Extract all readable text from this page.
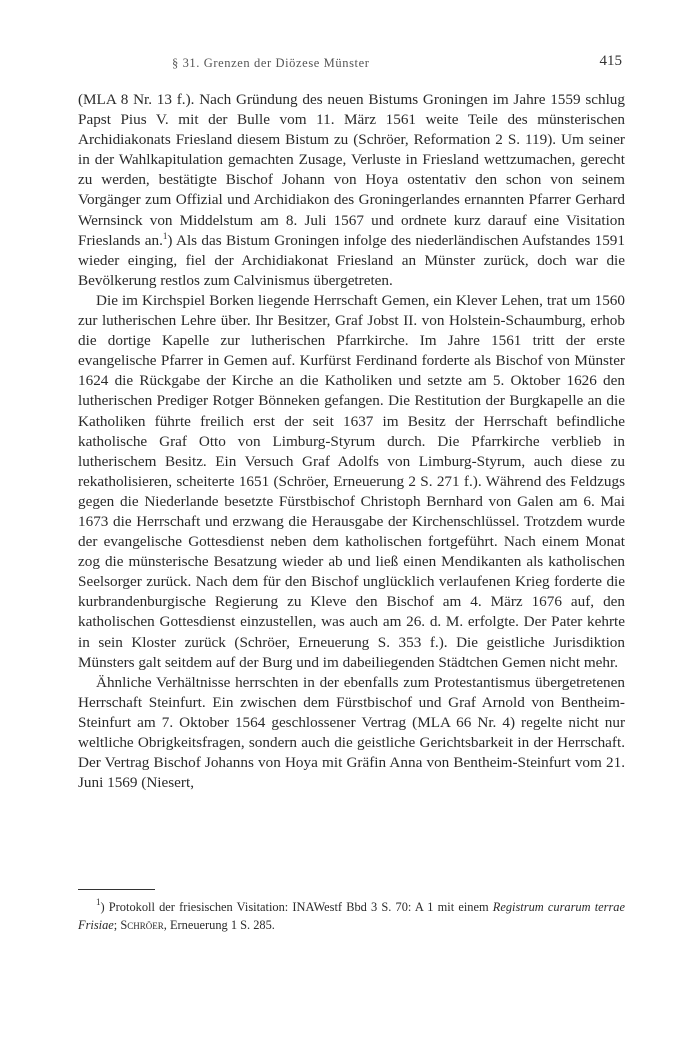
§ 31. Grenzen der Diözese Münster	415

(MLA 8 Nr. 13 f.). Nach Gründung des neuen Bistums Groningen im Jahre 1559 schlug Papst Pius V. mit der Bulle vom 11. März 1561 weite Teile des münsterischen Archidiakonats Friesland diesem Bistum zu (Schröer, Reformation 2 S. 119). Um seiner in der Wahlkapitulation gemachten Zusage, Verluste in Friesland wettzumachen, gerecht zu werden, bestätigte Bischof Johann von Hoya ostentativ den schon von seinem Vorgänger zum Offizial und Archidiakon des Groningerlandes ernannten Pfarrer Gerhard Wernsinck von Middelstum am 8. Juli 1567 und ordnete kurz darauf eine Visitation Frieslands an.$^1$) Als das Bistum Groningen infolge des niederländischen Aufstandes 1591 wieder einging, fiel der Archidiakonat Friesland an Münster zurück, doch war die Bevölkerung restlos zum Calvinismus übergetreten.

Die im Kirchspiel Borken liegende Herrschaft Gemen, ein Klever Lehen, trat um 1560 zur lutherischen Lehre über. Ihr Besitzer, Graf Jobst II. von Holstein-Schaumburg, erhob die dortige Kapelle zur lutherischen Pfarrkirche. Im Jahre 1561 tritt der erste evangelische Pfarrer in Gemen auf. Kurfürst Ferdinand forderte als Bischof von Münster 1624 die Rückgabe der Kirche an die Katholiken und setzte am 5. Oktober 1626 den lutherischen Prediger Rotger Bönneken gefangen. Die Restitution der Burgkapelle an die Katholiken führte freilich erst der seit 1637 im Besitz der Herrschaft befindliche katholische Graf Otto von Limburg-Styrum durch. Die Pfarrkirche verblieb in lutherischem Besitz. Ein Versuch Graf Adolfs von Limburg-Styrum, auch diese zu rekatholisieren, scheiterte 1651 (Schröer, Erneuerung 2 S. 271 f.). Während des Feldzugs gegen die Niederlande besetzte Fürstbischof Christoph Bernhard von Galen am 6. Mai 1673 die Herrschaft und erzwang die Herausgabe der Kirchenschlüssel. Trotzdem wurde der evangelische Gottesdienst neben dem katholischen fortgeführt. Nach einem Monat zog die münsterische Besatzung wieder ab und ließ einen Mendikanten als katholischen Seelsorger zurück. Nach dem für den Bischof unglücklich verlaufenen Krieg forderte die kurbrandenburgische Regierung zu Kleve den Bischof am 4. März 1676 auf, den katholischen Gottesdienst einzustellen, was auch am 26. d. M. erfolgte. Der Pater kehrte in sein Kloster zurück (Schröer, Erneuerung S. 353 f.). Die geistliche Jurisdiktion Münsters galt seitdem auf der Burg und im dabeiliegenden Städtchen Gemen nicht mehr.

Ähnliche Verhältnisse herrschten in der ebenfalls zum Protestantismus übergetretenen Herrschaft Steinfurt. Ein zwischen dem Fürstbischof und Graf Arnold von Bentheim-Steinfurt am 7. Oktober 1564 geschlossener Vertrag (MLA 66 Nr. 4) regelte nicht nur weltliche Obrigkeitsfragen, sondern auch die geistliche Gerichtsbarkeit in der Herrschaft. Der Vertrag Bischof Johanns von Hoya mit Gräfin Anna von Bentheim-Steinfurt vom 21. Juni 1569 (Niesert,

$^1$) Protokoll der friesischen Visitation: INAWestf Bbd 3 S. 70: A 1 mit einem Registrum curarum terrae Frisiae; Schröer, Erneuerung 1 S. 285.
